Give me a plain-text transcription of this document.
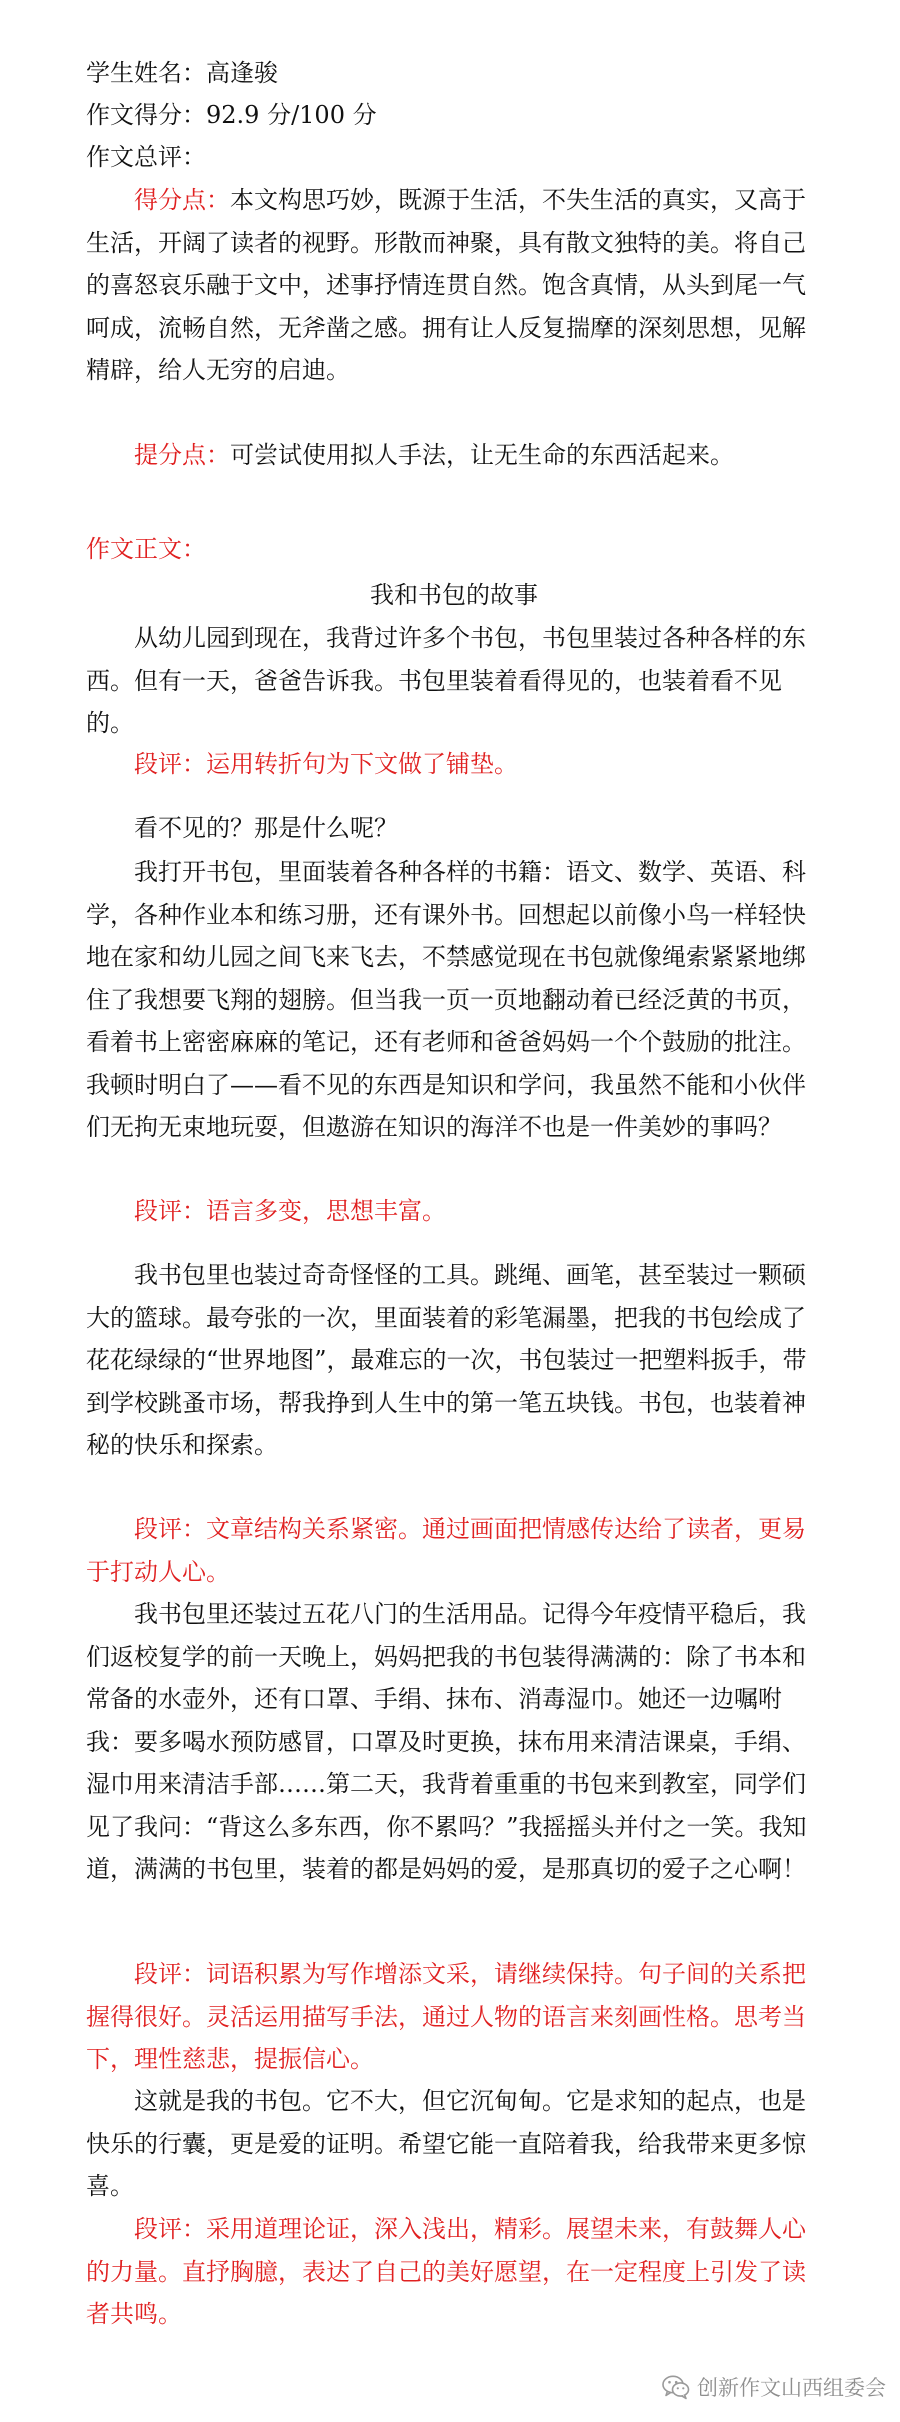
学生姓名：高逢骏

作文得分：92.9 分/100 分

作文总评：

得分点：本文构思巧妙，既源于生活，不失生活的真实，又高于生活，开阔了读者的视野。形散而神聚，具有散文独特的美。将自己的喜怒哀乐融于文中，述事抒情连贯自然。饱含真情，从头到尾一气呵成，流畅自然，无斧凿之感。拥有让人反复揣摩的深刻思想，见解精辟，给人无穷的启迪。

提分点：可尝试使用拟人手法，让无生命的东西活起来。

作文正文：

我和书包的故事

从幼儿园到现在，我背过许多个书包，书包里装过各种各样的东西。但有一天，爸爸告诉我。书包里装着看得见的，也装着看不见的。

段评：运用转折句为下文做了铺垫。

看不见的？那是什么呢？

我打开书包，里面装着各种各样的书籍：语文、数学、英语、科学，各种作业本和练习册，还有课外书。回想起以前像小鸟一样轻快地在家和幼儿园之间飞来飞去，不禁感觉现在书包就像绳索紧紧地绑住了我想要飞翔的翅膀。但当我一页一页地翻动着已经泛黄的书页，看着书上密密麻麻的笔记，还有老师和爸爸妈妈一个个鼓励的批注。我顿时明白了——看不见的东西是知识和学问，我虽然不能和小伙伴们无拘无束地玩耍，但遨游在知识的海洋不也是一件美妙的事吗？

段评：语言多变，思想丰富。

我书包里也装过奇奇怪怪的工具。跳绳、画笔，甚至装过一颗硕大的篮球。最夸张的一次，里面装着的彩笔漏墨，把我的书包绘成了花花绿绿的“世界地图”，最难忘的一次，书包装过一把塑料扳手，带到学校跳蚤市场，帮我挣到人生中的第一笔五块钱。书包，也装着神秘的快乐和探索。

段评：文章结构关系紧密。通过画面把情感传达给了读者，更易于打动人心。

我书包里还装过五花八门的生活用品。记得今年疫情平稳后，我们返校复学的前一天晚上，妈妈把我的书包装得满满的：除了书本和常备的水壶外，还有口罩、手绢、抹布、消毒湿巾。她还一边嘱咐我：要多喝水预防感冒，口罩及时更换，抹布用来清洁课桌，手绢、湿巾用来清洁手部……第二天，我背着重重的书包来到教室，同学们见了我问：“背这么多东西，你不累吗？”我摇摇头并付之一笑。我知道，满满的书包里，装着的都是妈妈的爱，是那真切的爱子之心啊！

段评：词语积累为写作增添文采，请继续保持。句子间的关系把握得很好。灵活运用描写手法，通过人物的语言来刻画性格。思考当下，理性慈悲，提振信心。

这就是我的书包。它不大，但它沉甸甸。它是求知的起点，也是快乐的行囊，更是爱的证明。希望它能一直陪着我，给我带来更多惊喜。

段评：采用道理论证，深入浅出，精彩。展望未来，有鼓舞人心的力量。直抒胸臆，表达了自己的美好愿望，在一定程度上引发了读者共鸣。

创新作文山西组委会
